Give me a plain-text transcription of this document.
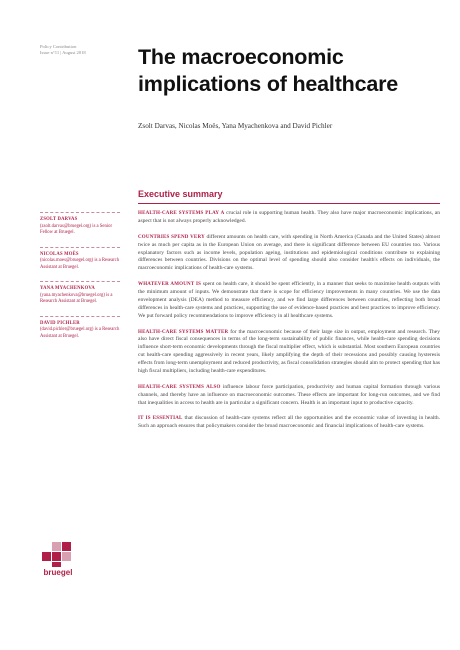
Policy Contribution
Issue n°11 | August 2018	The macroeconomic implications of healthcare
Zsolt Darvas, Nicolas Moës, Yana Myachenkova and David Pichler
Executive summary
ZSOLT DARVAS (zsolt.darvas@bruegel.org) is a Senior Fellow at Bruegel.
NICOLAS MOËS (nicolas.moes@bruegel.org) is a Research Assistant at Bruegel.
YANA MYACHENKOVA (yana.myachenkova@bruegel.org) is a Research Assistant at Bruegel.
DAVID PICHLER (david.pichler@bruegel.org) is a Research Assistant at Bruegel.

HEALTH-CARE SYSTEMS PLAY A crucial role in supporting human health. They also have major macroeconomic implications, an aspect that is not always properly acknowledged.

COUNTRIES SPEND VERY different amounts on health care, with spending in North America (Canada and the United States) almost twice as much per capita as in the European Union on average, and there is significant difference between EU countries too. Various explanatory factors such as income levels, population ageing, institutions and epidemiological conditions contribute to explaining differences between countries. Divisions on the optimal level of spending should also consider health's effects on individuals, the macroeconomic implications of health-care systems.

WHATEVER AMOUNT IS spent on health care, it should be spent efficiently, in a manner that seeks to maximise health outputs with the minimum amount of inputs. We demonstrate that there is scope for efficiency improvements in many countries. We use the data envelopment analysis (DEA) method to measure efficiency, and we find large differences between countries, reflecting both broad differences in health-care systems and practices, supporting the use of evidence-based practices and best practices to improve efficiency. We put forward policy recommendations to improve efficiency in all healthcare systems.

HEALTH-CARE SYSTEMS MATTER for the macroeconomic because of their large size in output, employment and research. They also have direct fiscal consequences in terms of the long-term sustainability of public finances, while health-care spending decisions influence short-term economic developments through the fiscal multiplier effect, which is substantial. Most southern European countries cut health-care spending aggressively in recent years, likely amplifying the depth of their recessions and possibly causing hysteresis effects from long-term unemployment and reduced productivity, as fiscal consolidation strategies should aim to protect spending that has high fiscal multipliers, including health-care expenditures.

HEALTH-CARE SYSTEMS ALSO influence labour force participation, productivity and human capital formation through various channels, and thereby have an influence on macroeconomic outcomes. These effects are important for long-run outcomes, and we find that inequalities in access to health are in particular a significant concern. Health is an important input to productive capacity.

IT IS ESSENTIAL that discussion of health-care systems reflect all the opportunities and the economic value of investing in health. Such an approach ensures that policymakers consider the broad macroeconomic and financial implications of health-care systems.

bruegel
